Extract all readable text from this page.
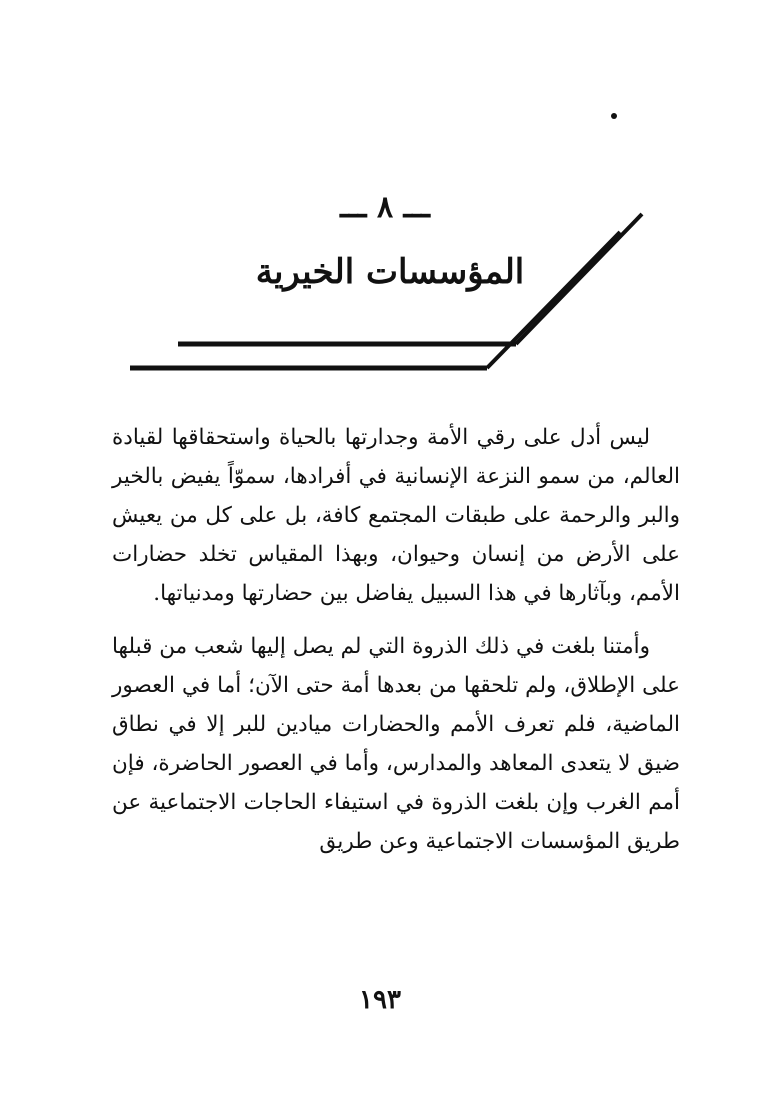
ـــ ٨ ـــ
المؤسسات الخيرية

ليس أدل على رقي الأمة وجدارتها بالحياة واستحقاقها لقيادة العالم، من سمو النزعة الإنسانية في أفرادها، سموّاً يفيض بالخير والبر والرحمة على طبقات المجتمع كافة، بل على كل من يعيش على الأرض من إنسان وحيوان، وبهذا المقياس تخلد حضارات الأمم، وبآثارها في هذا السبيل يفاضل بين حضارتها ومدنياتها.

وأمتنا بلغت في ذلك الذروة التي لم يصل إليها شعب من قبلها على الإطلاق، ولم تلحقها من بعدها أمة حتى الآن؛ أما في العصور الماضية، فلم تعرف الأمم والحضارات ميادين للبر إلا في نطاق ضيق لا يتعدى المعاهد والمدارس، وأما في العصور الحاضرة، فإن أمم الغرب وإن بلغت الذروة في استيفاء الحاجات الاجتماعية عن طريق المؤسسات الاجتماعية وعن طريق

١٩٣
